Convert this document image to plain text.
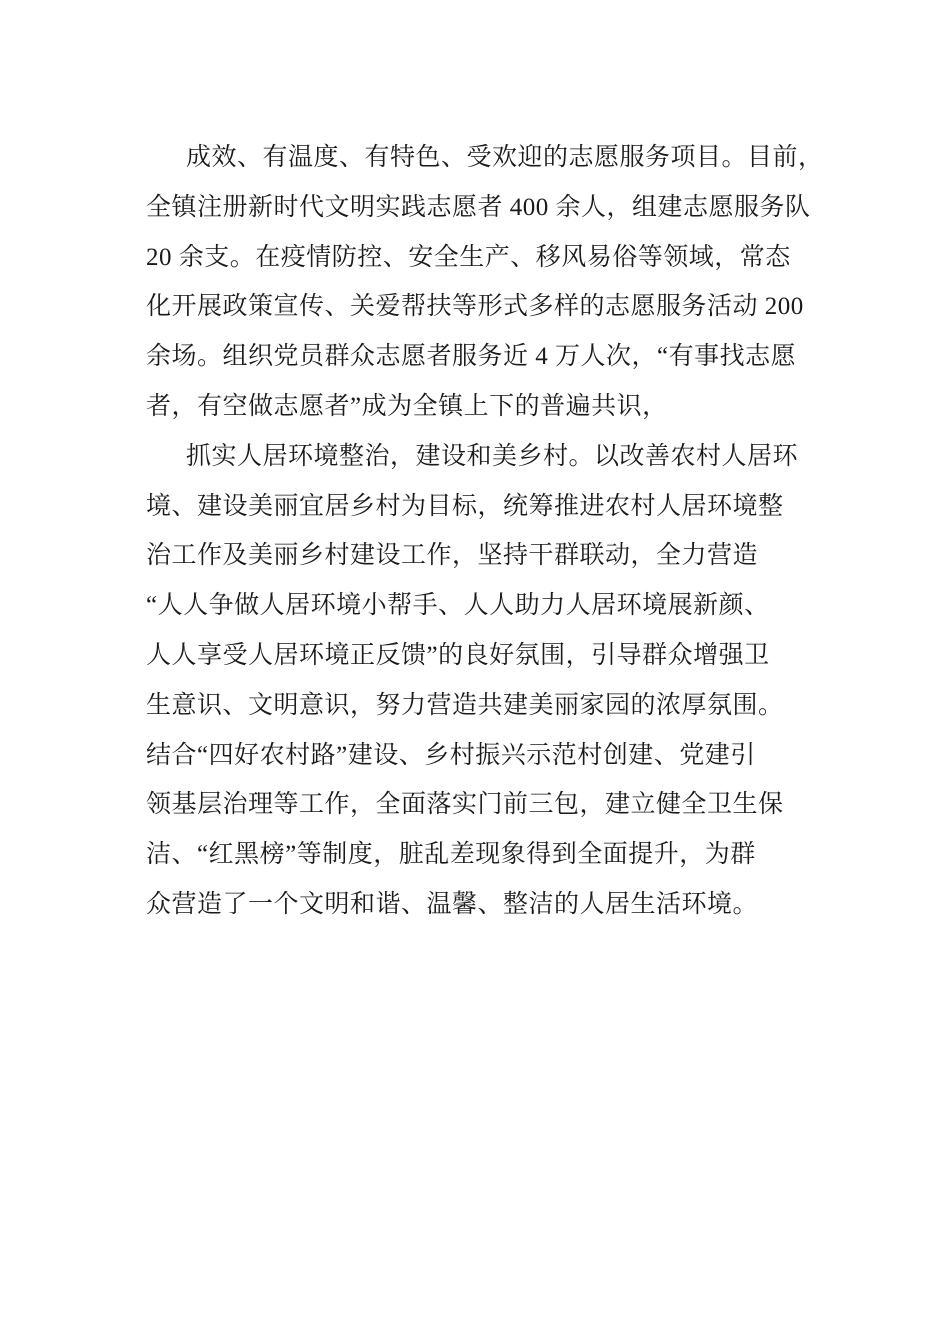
成效、有温度、有特色、受欢迎的志愿服务项目。目前，
全镇注册新时代文明实践志愿者 400 余人，组建志愿服务队
20 余支。在疫情防控、安全生产、移风易俗等领域，常态
化开展政策宣传、关爱帮扶等形式多样的志愿服务活动 200
余场。组织党员群众志愿者服务近 4 万人次，“有事找志愿
者，有空做志愿者”成为全镇上下的普遍共识，
抓实人居环境整治，建设和美乡村。以改善农村人居环
境、建设美丽宜居乡村为目标，统筹推进农村人居环境整
治工作及美丽乡村建设工作，坚持干群联动，全力营造
“人人争做人居环境小帮手、人人助力人居环境展新颜、
人人享受人居环境正反馈”的良好氛围，引导群众增强卫
生意识、文明意识，努力营造共建美丽家园的浓厚氛围。
结合“四好农村路”建设、乡村振兴示范村创建、党建引
领基层治理等工作，全面落实门前三包，建立健全卫生保
洁、“红黑榜”等制度，脏乱差现象得到全面提升，为群
众营造了一个文明和谐、温馨、整洁的人居生活环境。
